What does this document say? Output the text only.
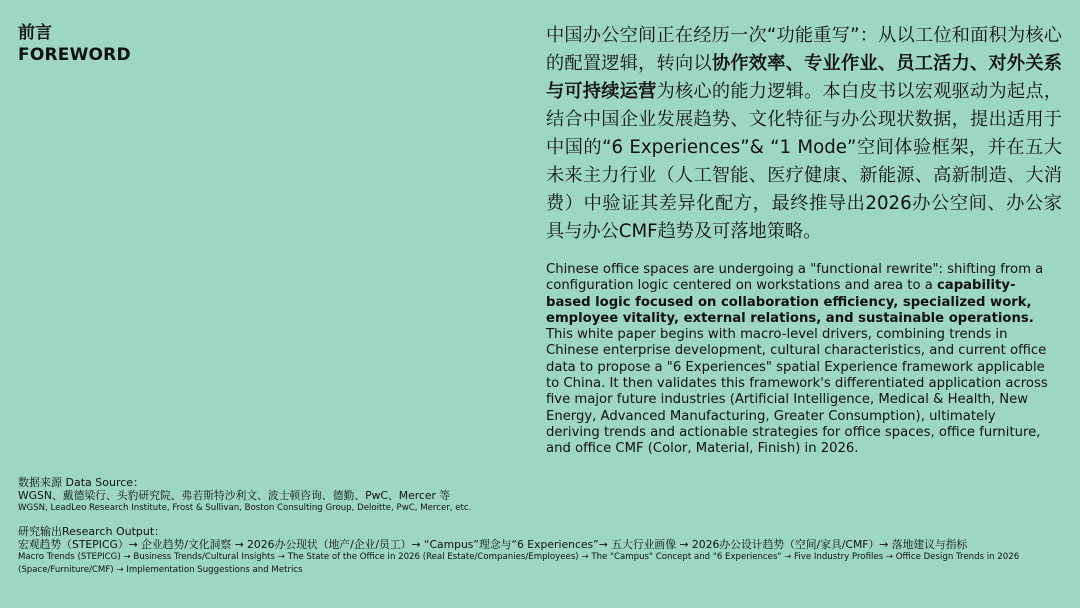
前言
FOREWORD

中国办公空间正在经历一次“功能重写”：从以工位和面积为核心的配置逻辑，转向以协作效率、专业作业、员工活力、对外关系与可持续运营为核心的能力逻辑。本白皮书以宏观驱动为起点，结合中国企业发展趋势、文化特征与办公现状数据，提出适用于中国的“6 Experiences”& “1 Mode”空间体验框架，并在五大未来主力行业（人工智能、医疗健康、新能源、高新制造、大消费）中验证其差异化配方，最终推导出2026办公空间、办公家具与办公CMF趋势及可落地策略。

Chinese office spaces are undergoing a "functional rewrite": shifting from a configuration logic centered on workstations and area to a capability-based logic focused on collaboration efficiency, specialized work, employee vitality, external relations, and sustainable operations. This white paper begins with macro-level drivers, combining trends in Chinese enterprise development, cultural characteristics, and current office data to propose a "6 Experiences" spatial Experience framework applicable to China. It then validates this framework's differentiated application across five major future industries (Artificial Intelligence, Medical & Health, New Energy, Advanced Manufacturing, Greater Consumption), ultimately deriving trends and actionable strategies for office spaces, office furniture, and office CMF (Color, Material, Finish) in 2026.

数据来源 Data Source：
WGSN、戴德梁行、头豹研究院、弗若斯特沙利文、波士顿咨询、德勤、PwC、Mercer 等
WGSN, LeadLeo Research Institute, Frost & Sullivan, Boston Consulting Group, Deloitte, PwC, Mercer, etc.
研究输出Research Output：
宏观趋势（STEPICG）→ 企业趋势/文化洞察 → 2026办公现状（地产/企业/员工）→ “Campus”理念与“6 Experiences”→ 五大行业画像 → 2026办公设计趋势（空间/家具/CMF）→ 落地建议与指标
Macro Trends (STEPICG) → Business Trends/Cultural Insights → The State of the Office in 2026 (Real Estate/Companies/Employees) → The "Campus" Concept and "6 Experiences" → Five Industry Profiles → Office Design Trends in 2026 (Space/Furniture/CMF) → Implementation Suggestions and Metrics
